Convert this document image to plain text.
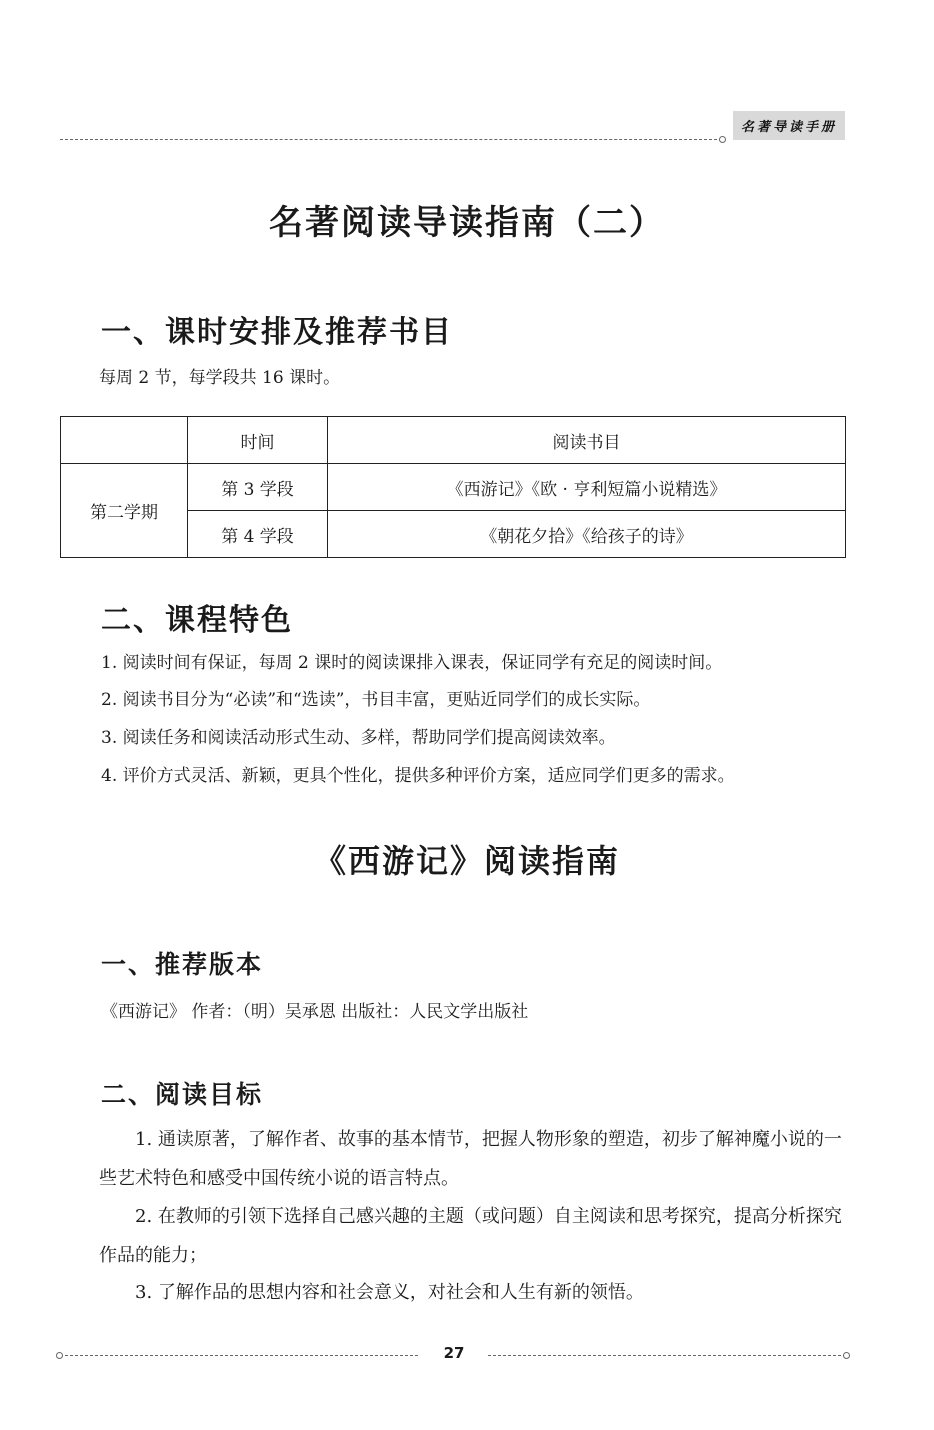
名著导读手册
名著阅读导读指南（二）
一、课时安排及推荐书目

每周 2 节，每学段共 16 课时。

	时间	阅读书目
第二学期	第 3 学段	《西游记》《欧 · 亨利短篇小说精选》
	第 4 学段	《朝花夕拾》《给孩子的诗》
二、课程特色

1. 阅读时间有保证，每周 2 课时的阅读课排入课表，保证同学有充足的阅读时间。

2. 阅读书目分为“必读”和“选读”，书目丰富，更贴近同学们的成长实际。

3. 阅读任务和阅读活动形式生动、多样，帮助同学们提高阅读效率。

4. 评价方式灵活、新颖，更具个性化，提供多种评价方案，适应同学们更多的需求。

《西游记》阅读指南
一、推荐版本

《西游记》 作者：（明）吴承恩 出版社：人民文学出版社

二、阅读目标

1. 通读原著，了解作者、故事的基本情节，把握人物形象的塑造，初步了解神魔小说的一些艺术特色和感受中国传统小说的语言特点。

2. 在教师的引领下选择自己感兴趣的主题（或问题）自主阅读和思考探究，提高分析探究作品的能力；

3. 了解作品的思想内容和社会意义，对社会和人生有新的领悟。

27
